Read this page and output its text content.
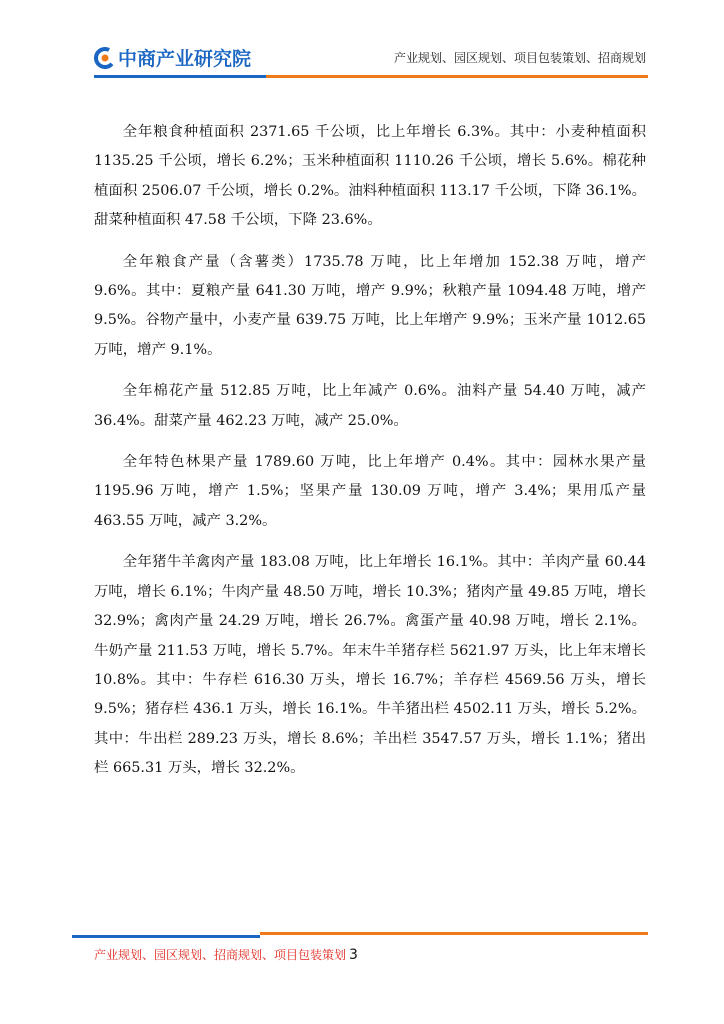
中商产业研究院	产业规划、园区规划、项目包装策划、招商规划

全年粮食种植面积 2371.65 千公顷，比上年增长 6.3%。其中：小麦种植面积 1135.25 千公顷，增长 6.2%；玉米种植面积 1110.26 千公顷，增长 5.6%。棉花种植面积 2506.07 千公顷，增长 0.2%。油料种植面积 113.17 千公顷，下降 36.1%。甜菜种植面积 47.58 千公顷，下降 23.6%。

全年粮食产量（含薯类）1735.78 万吨，比上年增加 152.38 万吨，增产 9.6%。其中：夏粮产量 641.30 万吨，增产 9.9%；秋粮产量 1094.48 万吨，增产 9.5%。谷物产量中，小麦产量 639.75 万吨，比上年增产 9.9%；玉米产量 1012.65 万吨，增产 9.1%。

全年棉花产量 512.85 万吨，比上年减产 0.6%。油料产量 54.40 万吨，减产 36.4%。甜菜产量 462.23 万吨，减产 25.0%。

全年特色林果产量 1789.60 万吨，比上年增产 0.4%。其中：园林水果产量 1195.96 万吨，增产 1.5%；坚果产量 130.09 万吨，增产 3.4%；果用瓜产量 463.55 万吨，减产 3.2%。

全年猪牛羊禽肉产量 183.08 万吨，比上年增长 16.1%。其中：羊肉产量 60.44 万吨，增长 6.1%；牛肉产量 48.50 万吨，增长 10.3%；猪肉产量 49.85 万吨，增长 32.9%；禽肉产量 24.29 万吨，增长 26.7%。禽蛋产量 40.98 万吨，增长 2.1%。牛奶产量 211.53 万吨，增长 5.7%。年末牛羊猪存栏 5621.97 万头，比上年末增长 10.8%。其中：牛存栏 616.30 万头，增长 16.7%；羊存栏 4569.56 万头，增长 9.5%；猪存栏 436.1 万头，增长 16.1%。牛羊猪出栏 4502.11 万头，增长 5.2%。其中：牛出栏 289.23 万头，增长 8.6%；羊出栏 3547.57 万头，增长 1.1%；猪出栏 665.31 万头，增长 32.2%。

产业规划、园区规划、招商规划、项目包装策划 3
